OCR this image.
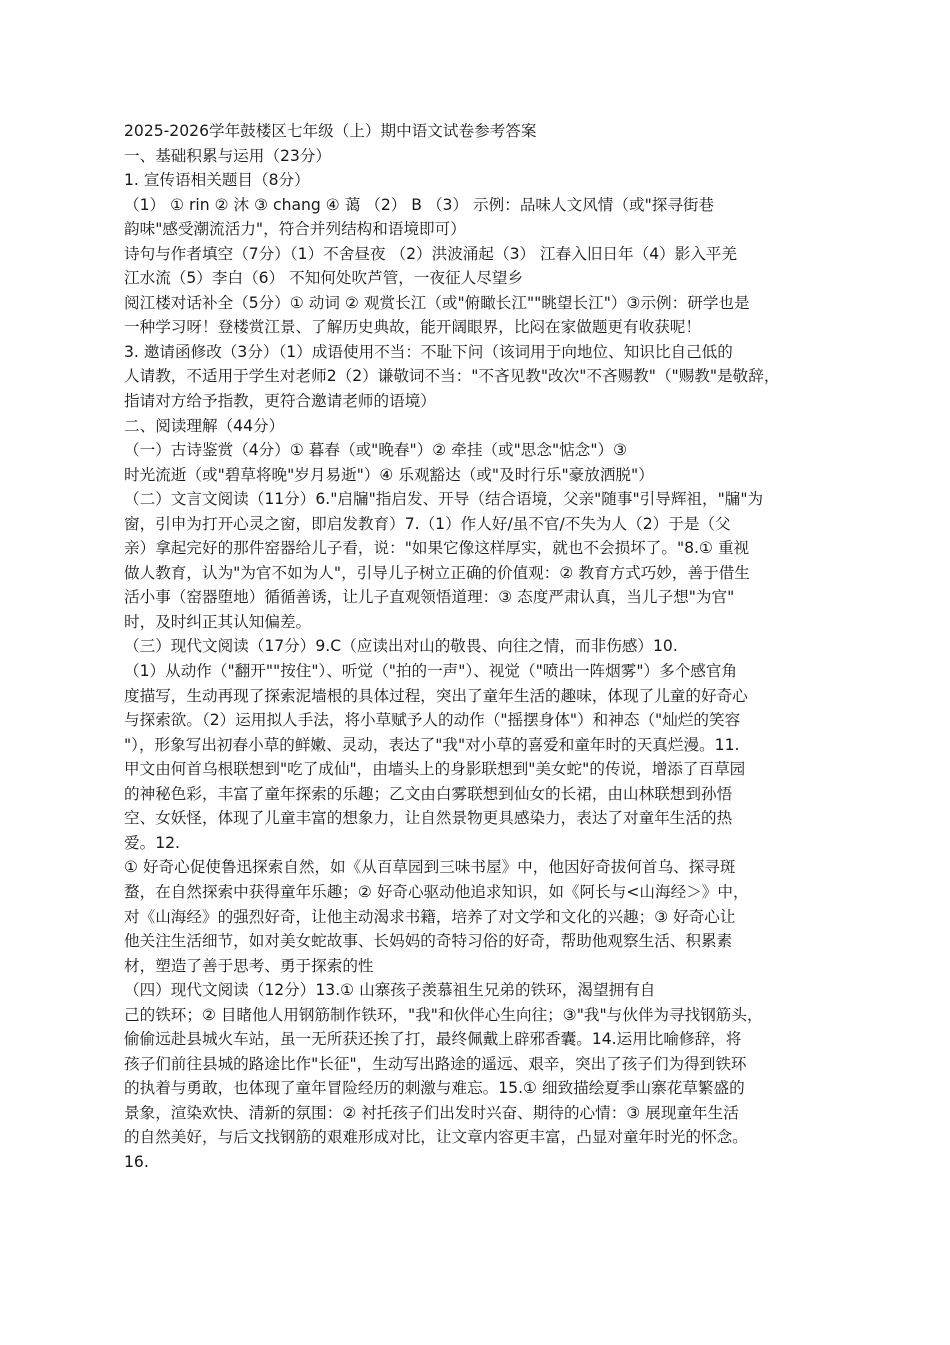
2025-2026学年鼓楼区七年级（上）期中语文试卷参考答案
一、基础积累与运用（23分）
1. 宣传语相关题目（8分）
（1） ① rin ② 沐 ③ chang ④ 蔼 （2） B （3） 示例：品味人文风情（或"探寻街巷
韵味"感受潮流活力"，符合并列结构和语境即可）
诗句与作者填空（7分）（1）不舍昼夜 （2）洪波涌起（3） 江春入旧日年（4）影入平羌
江水流（5）李白（6） 不知何处吹芦管，一夜征人尽望乡
阅江楼对话补全（5分）① 动词 ② 观赏长江（或"俯瞰长江""眺望长江"）③示例：研学也是
一种学习呀！登楼赏江景、了解历史典故，能开阔眼界，比闷在家做题更有收获呢！
3. 邀请函修改（3分）（1）成语使用不当：不耻下问（该词用于向地位、知识比自己低的
人请教，不适用于学生对老师2（2）谦敬词不当："不吝见教"改次"不吝赐教"（"赐教"是敬辞，
指请对方给予指教，更符合邀请老师的语境）
二、阅读理解（44分）
（一）古诗鉴赏（4分）① 暮春（或"晚春"）② 牵挂（或"思念"惦念"）③
时光流逝（或"碧草将晚"岁月易逝"）④ 乐观豁达（或"及时行乐"豪放洒脱"）
（二）文言文阅读（11分）6."启牖"指启发、开导（结合语境，父亲"随事"引导辉祖，"牖"为
窗，引申为打开心灵之窗，即启发教育）7.（1）作人好/虽不官/不失为人（2）于是（父
亲）拿起完好的那件窑器给儿子看，说："如果它像这样厚实，就也不会损坏了。"8.① 重视
做人教育，认为"为官不如为人"，引导儿子树立正确的价值观：② 教育方式巧妙，善于借生
活小事（窑器堕地）循循善诱，让儿子直观领悟道理：③ 态度严肃认真，当儿子想"为官"
时，及时纠正其认知偏差。
（三）现代文阅读（17分）9.C（应读出对山的敬畏、向往之情，而非伤感）10.
（1）从动作（"翻开""按住"）、听觉（"拍的一声"）、视觉（"喷出一阵烟雾"）多个感官角
度描写，生动再现了探索泥墙根的具体过程，突出了童年生活的趣味，体现了儿童的好奇心
与探索欲。（2）运用拟人手法，将小草赋予人的动作（"摇摆身体"）和神态（"灿烂的笑容
"），形象写出初春小草的鲜嫩、灵动，表达了"我"对小草的喜爱和童年时的天真烂漫。11.
甲文由何首乌根联想到"吃了成仙"，由墙头上的身影联想到"美女蛇"的传说，增添了百草园
的神秘色彩，丰富了童年探索的乐趣；乙文由白雾联想到仙女的长裙，由山林联想到孙悟
空、女妖怪，体现了儿童丰富的想象力，让自然景物更具感染力，表达了对童年生活的热
爱。12.
① 好奇心促使鲁迅探索自然，如《从百草园到三味书屋》中，他因好奇拔何首乌、探寻斑
蝥，在自然探索中获得童年乐趣；② 好奇心驱动他追求知识，如《阿长与<山海经＞》中，
对《山海经》的强烈好奇，让他主动渴求书籍，培养了对文学和文化的兴趣；③ 好奇心让
他关注生活细节，如对美女蛇故事、长妈妈的奇特习俗的好奇，帮助他观察生活、积累素
材，塑造了善于思考、勇于探索的性
（四）现代文阅读（12分）13.① 山寨孩子羡慕祖生兄弟的铁环，渴望拥有自
己的铁环；② 目睹他人用钢筋制作铁环，"我"和伙伴心生向往；③"我"与伙伴为寻找钢筋头，
偷偷远赴县城火车站，虽一无所获还挨了打，最终佩戴上辟邪香囊。14.运用比喻修辞，将
孩子们前往县城的路途比作"长征"，生动写出路途的遥远、艰辛，突出了孩子们为得到铁环
的执着与勇敢，也体现了童年冒险经历的刺激与难忘。15.① 细致描绘夏季山寨花草繁盛的
景象，渲染欢快、清新的氛围：② 衬托孩子们出发时兴奋、期待的心情：③ 展现童年生活
的自然美好，与后文找钢筋的艰难形成对比，让文章内容更丰富，凸显对童年时光的怀念。
16.
